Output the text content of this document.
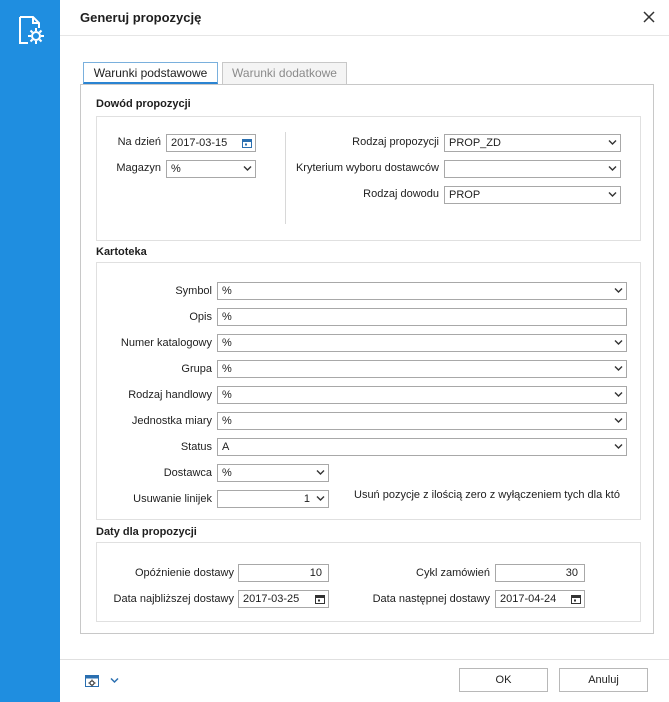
Generuj propozycję
Warunki podstawowe	Warunki dodatkowe
Dowód propozycji
Na dzień 2017-03-15
Magazyn %
Rodzaj propozycji PROP_ZD
Kryterium wyboru dostawców
Rodzaj dowodu PROP
Kartoteka
Symbol %
Opis %
Numer katalogowy %
Grupa %
Rodzaj handlowy %
Jednostka miary %
Status A
Dostawca %
Usuwanie linijek	1	Usuń pozycje z ilością zero z wyłączeniem tych dla któ
Daty dla propozycji
Opóźnienie dostawy	10	Cykl zamówień	30
Data najbliższej dostawy 2017-03-25	Data następnej dostawy 2017-04-24
OK	Anuluj
